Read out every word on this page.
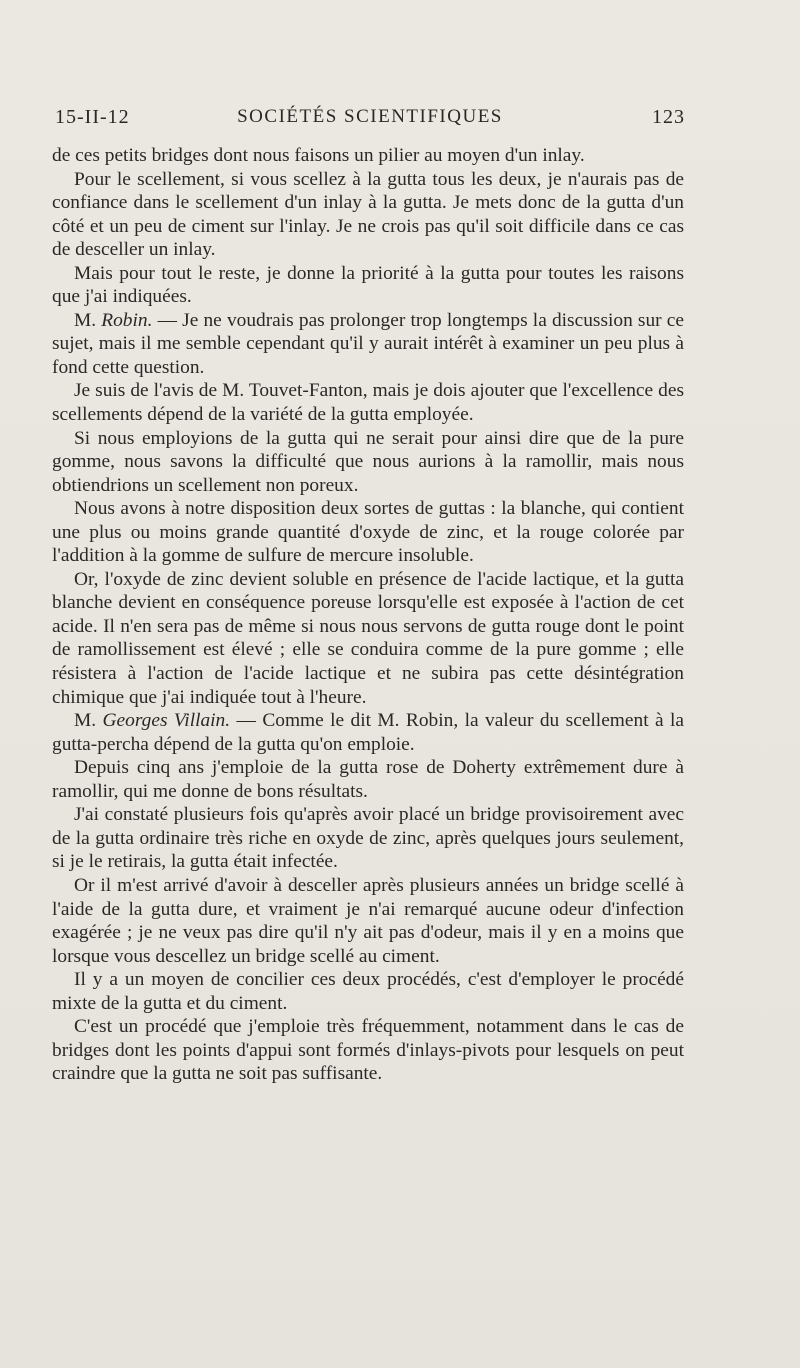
15-II-12	SOCIÉTÉS SCIENTIFIQUES	123

de ces petits bridges dont nous faisons un pilier au moyen d'un inlay.

Pour le scellement, si vous scellez à la gutta tous les deux, je n'aurais pas de confiance dans le scellement d'un inlay à la gutta. Je mets donc de la gutta d'un côté et un peu de ciment sur l'inlay. Je ne crois pas qu'il soit difficile dans ce cas de desceller un inlay.

Mais pour tout le reste, je donne la priorité à la gutta pour toutes les raisons que j'ai indiquées.

M. Robin. — Je ne voudrais pas prolonger trop longtemps la discussion sur ce sujet, mais il me semble cependant qu'il y aurait intérêt à examiner un peu plus à fond cette question.

Je suis de l'avis de M. Touvet-Fanton, mais je dois ajouter que l'excellence des scellements dépend de la variété de la gutta employée.

Si nous employions de la gutta qui ne serait pour ainsi dire que de la pure gomme, nous savons la difficulté que nous aurions à la ramollir, mais nous obtiendrions un scellement non poreux.

Nous avons à notre disposition deux sortes de guttas : la blanche, qui contient une plus ou moins grande quantité d'oxyde de zinc, et la rouge colorée par l'addition à la gomme de sulfure de mercure insoluble.

Or, l'oxyde de zinc devient soluble en présence de l'acide lactique, et la gutta blanche devient en conséquence poreuse lorsqu'elle est exposée à l'action de cet acide. Il n'en sera pas de même si nous nous servons de gutta rouge dont le point de ramollissement est élevé ; elle se conduira comme de la pure gomme ; elle résistera à l'action de l'acide lactique et ne subira pas cette désintégration chimique que j'ai indiquée tout à l'heure.

M. Georges Villain. — Comme le dit M. Robin, la valeur du scellement à la gutta-percha dépend de la gutta qu'on emploie.

Depuis cinq ans j'emploie de la gutta rose de Doherty extrêmement dure à ramollir, qui me donne de bons résultats.

J'ai constaté plusieurs fois qu'après avoir placé un bridge provisoirement avec de la gutta ordinaire très riche en oxyde de zinc, après quelques jours seulement, si je le retirais, la gutta était infectée.

Or il m'est arrivé d'avoir à desceller après plusieurs années un bridge scellé à l'aide de la gutta dure, et vraiment je n'ai remarqué aucune odeur d'infection exagérée ; je ne veux pas dire qu'il n'y ait pas d'odeur, mais il y en a moins que lorsque vous descellez un bridge scellé au ciment.

Il y a un moyen de concilier ces deux procédés, c'est d'employer le procédé mixte de la gutta et du ciment.

C'est un procédé que j'emploie très fréquemment, notamment dans le cas de bridges dont les points d'appui sont formés d'inlays-pivots pour lesquels on peut craindre que la gutta ne soit pas suffisante.
